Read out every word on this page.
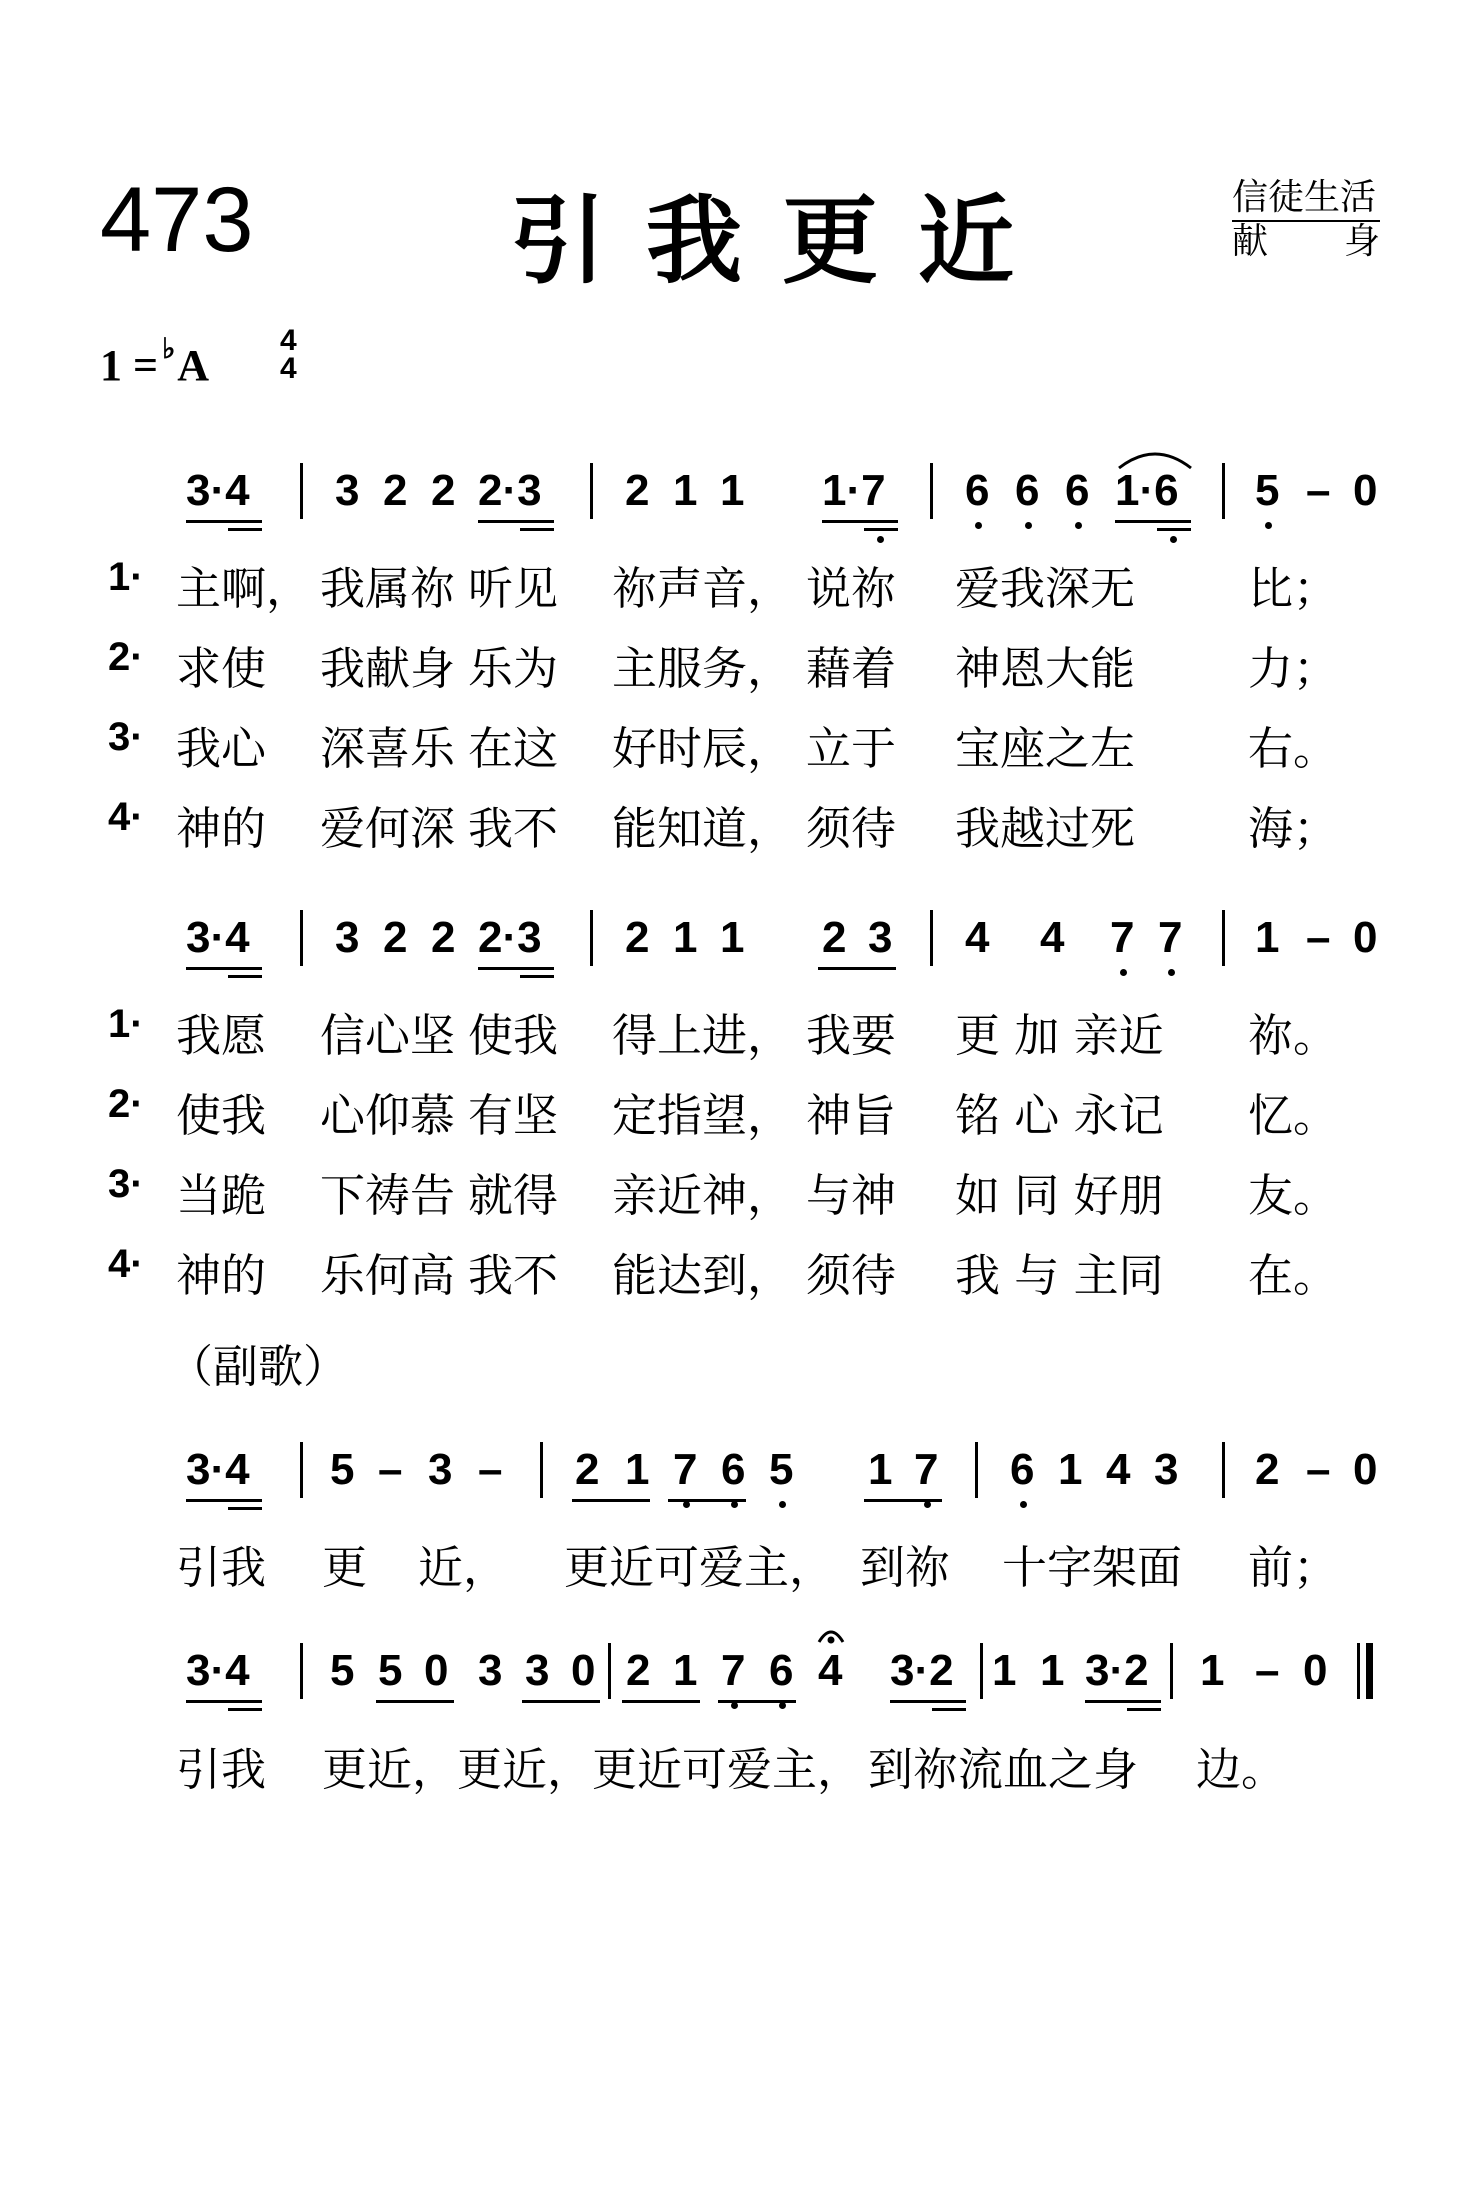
473	引我更近	信徒生活
献 身
1 = ♭A
4
4
3·4 3 2 2 2·3 2 1 1 1·7 6 6 6 1·6 5 – 0
1· 主啊， 我属祢 听见 祢声音， 说祢 爱我深无	比；
2· 求使 我献身 乐为 主服务， 藉着 神恩大能	力；
3· 我心 深喜乐 在这 好时辰， 立于 宝座之左	右。
4· 神的 爱何深 我不 能知道， 须待 我越过死	海；
3·4 3 2 2 2·3 2 1 1 2 3 4 4 7 7 1 – 0
1· 我愿 信心坚 使我 得上进， 我要 更 加 亲近 祢。
2· 使我 心仰慕 有坚 定指望， 神旨 铭 心 永记 忆。
3· 当跪 下祷告 就得 亲近神， 与神 如 同 好朋 友。
4· 神的 乐何高 我不 能达到， 须待 我 与 主同 在。
（副歌）
3·4 5 – 3 – 2 1 7 6 5 1 7 6 1 4 3 2 – 0
引我 更 近， 更近可爱主， 到祢 十字架面 前；
3·4 5 5 0 3 3 0 2 1 7 6 4 3·2 1 1 3·2 1 – 0
引我 更近，更近，更近可爱主， 到祢流血之身 边。
